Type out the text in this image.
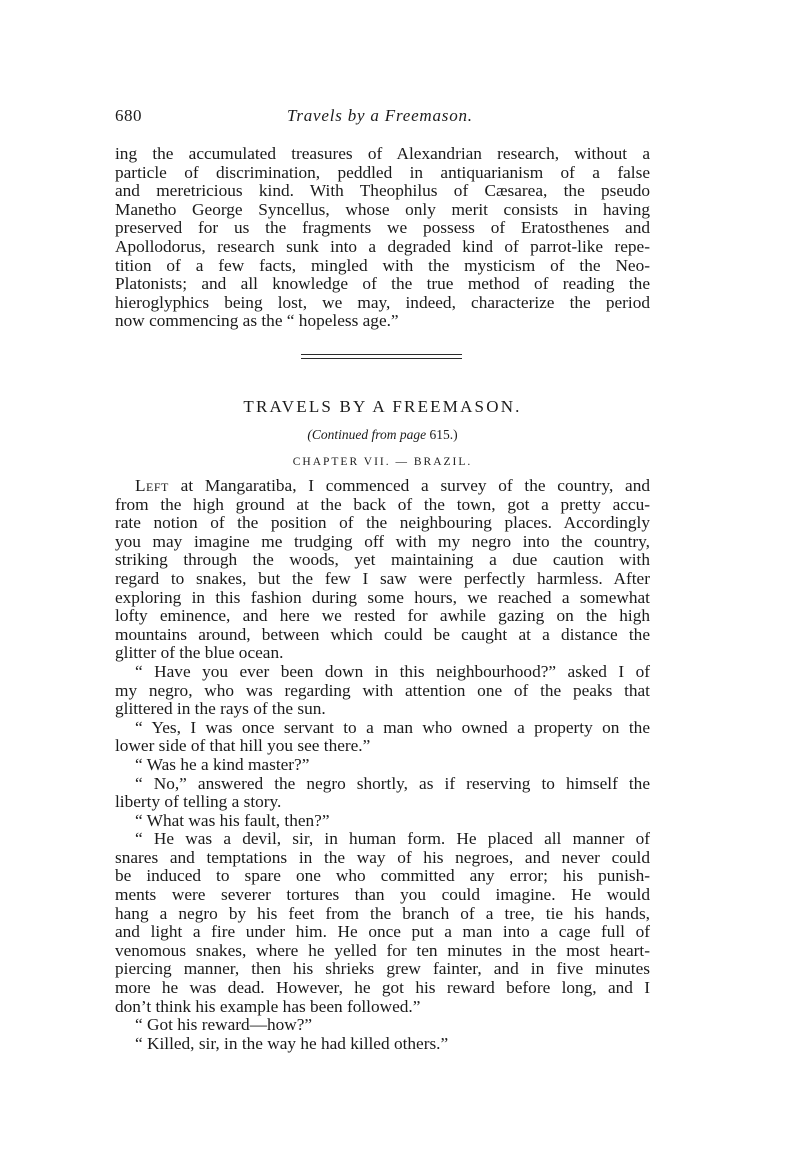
680	Travels by a Freemason.
ing the accumulated treasures of Alexandrian research, without a
particle of discrimination, peddled in antiquarianism of a false
and meretricious kind. With Theophilus of Cæsarea, the pseudo
Manetho George Syncellus, whose only merit consists in having
preserved for us the fragments we possess of Eratosthenes and
Apollodorus, research sunk into a degraded kind of parrot-like repe-
tition of a few facts, mingled with the mysticism of the Neo-
Platonists; and all knowledge of the true method of reading the
hieroglyphics being lost, we may, indeed, characterize the period
now commencing as the “ hopeless age.”
TRAVELS BY A FREEMASON.
(Continued from page 615.)
CHAPTER VII. — BRAZIL.
Left at Mangaratiba, I commenced a survey of the country, and
from the high ground at the back of the town, got a pretty accu-
rate notion of the position of the neighbouring places. Accordingly
you may imagine me trudging off with my negro into the country,
striking through the woods, yet maintaining a due caution with
regard to snakes, but the few I saw were perfectly harmless. After
exploring in this fashion during some hours, we reached a somewhat
lofty eminence, and here we rested for awhile gazing on the high
mountains around, between which could be caught at a distance the
glitter of the blue ocean.
“ Have you ever been down in this neighbourhood?” asked I of
my negro, who was regarding with attention one of the peaks that
glittered in the rays of the sun.
“ Yes, I was once servant to a man who owned a property on the
lower side of that hill you see there.”
“ Was he a kind master?”
“ No,” answered the negro shortly, as if reserving to himself the
liberty of telling a story.
“ What was his fault, then?”
“ He was a devil, sir, in human form. He placed all manner of
snares and temptations in the way of his negroes, and never could
be induced to spare one who committed any error; his punish-
ments were severer tortures than you could imagine. He would
hang a negro by his feet from the branch of a tree, tie his hands,
and light a fire under him. He once put a man into a cage full of
venomous snakes, where he yelled for ten minutes in the most heart-
piercing manner, then his shrieks grew fainter, and in five minutes
more he was dead. However, he got his reward before long, and I
don’t think his example has been followed.”
“ Got his reward—how?”
“ Killed, sir, in the way he had killed others.”
